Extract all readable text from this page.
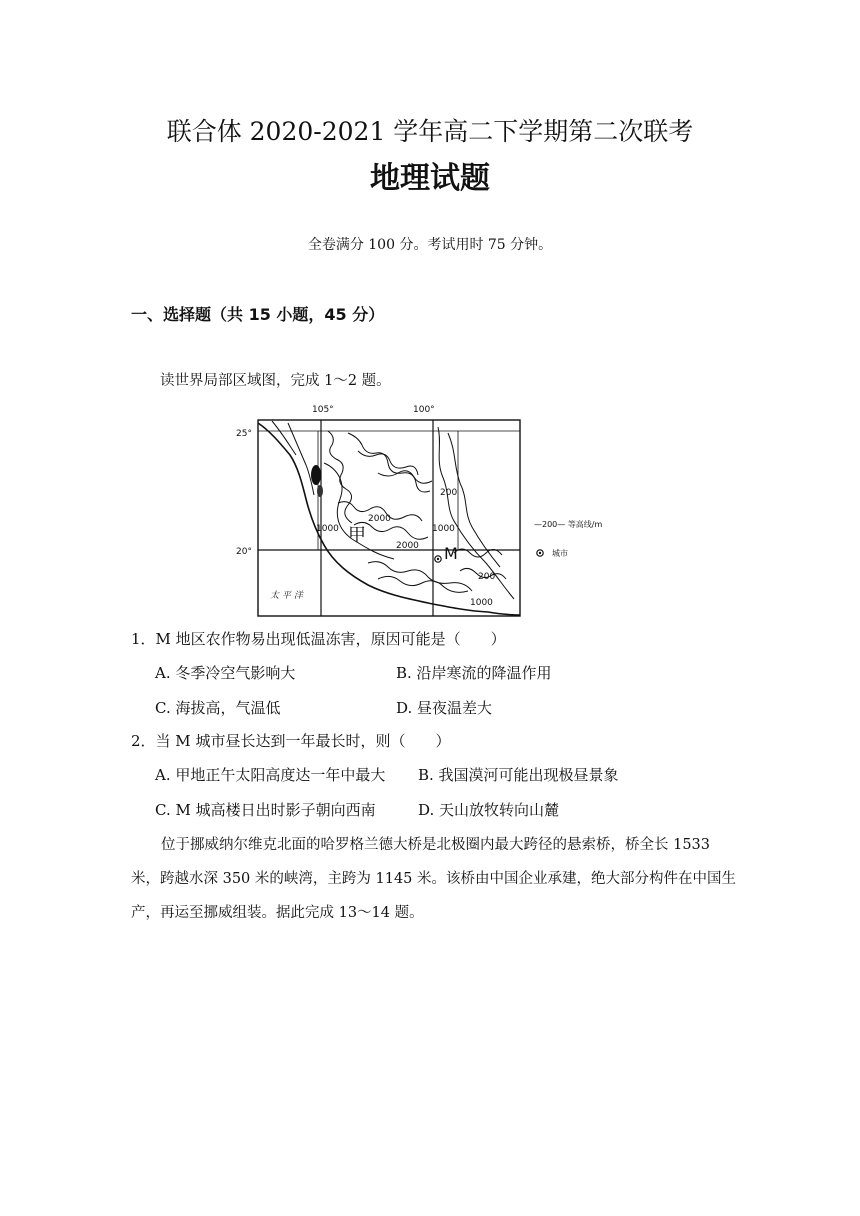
联合体 2020-2021 学年高二下学期第二次联考
地理试题
全卷满分 100 分。考试用时 75 分钟。
一、选择题（共 15 小题，45 分）
读世界局部区域图，完成 1～2 题。
105°	100°
25°
20°
200
1000
2000
2000
1000
200
1000
甲
M
太 平 洋
—200— 等高线/m
城市
1．M 地区农作物易出现低温冻害，原因可能是（　　）
A. 冬季冷空气影响大	B. 沿岸寒流的降温作用
C. 海拔高，气温低	D. 昼夜温差大
2．当 M 城市昼长达到一年最长时，则（　　）
A. 甲地正午太阳高度达一年中最大 B. 我国漠河可能出现极昼景象
C. M 城高楼日出时影子朝向西南	D. 天山放牧转向山麓
位于挪威纳尔维克北面的哈罗格兰德大桥是北极圈内最大跨径的悬索桥，桥全长 1533 米，跨越水深 350 米的峡湾，主跨为 1145 米。该桥由中国企业承建，绝大部分构件在中国生产，再运至挪威组装。据此完成 13～14 题。
